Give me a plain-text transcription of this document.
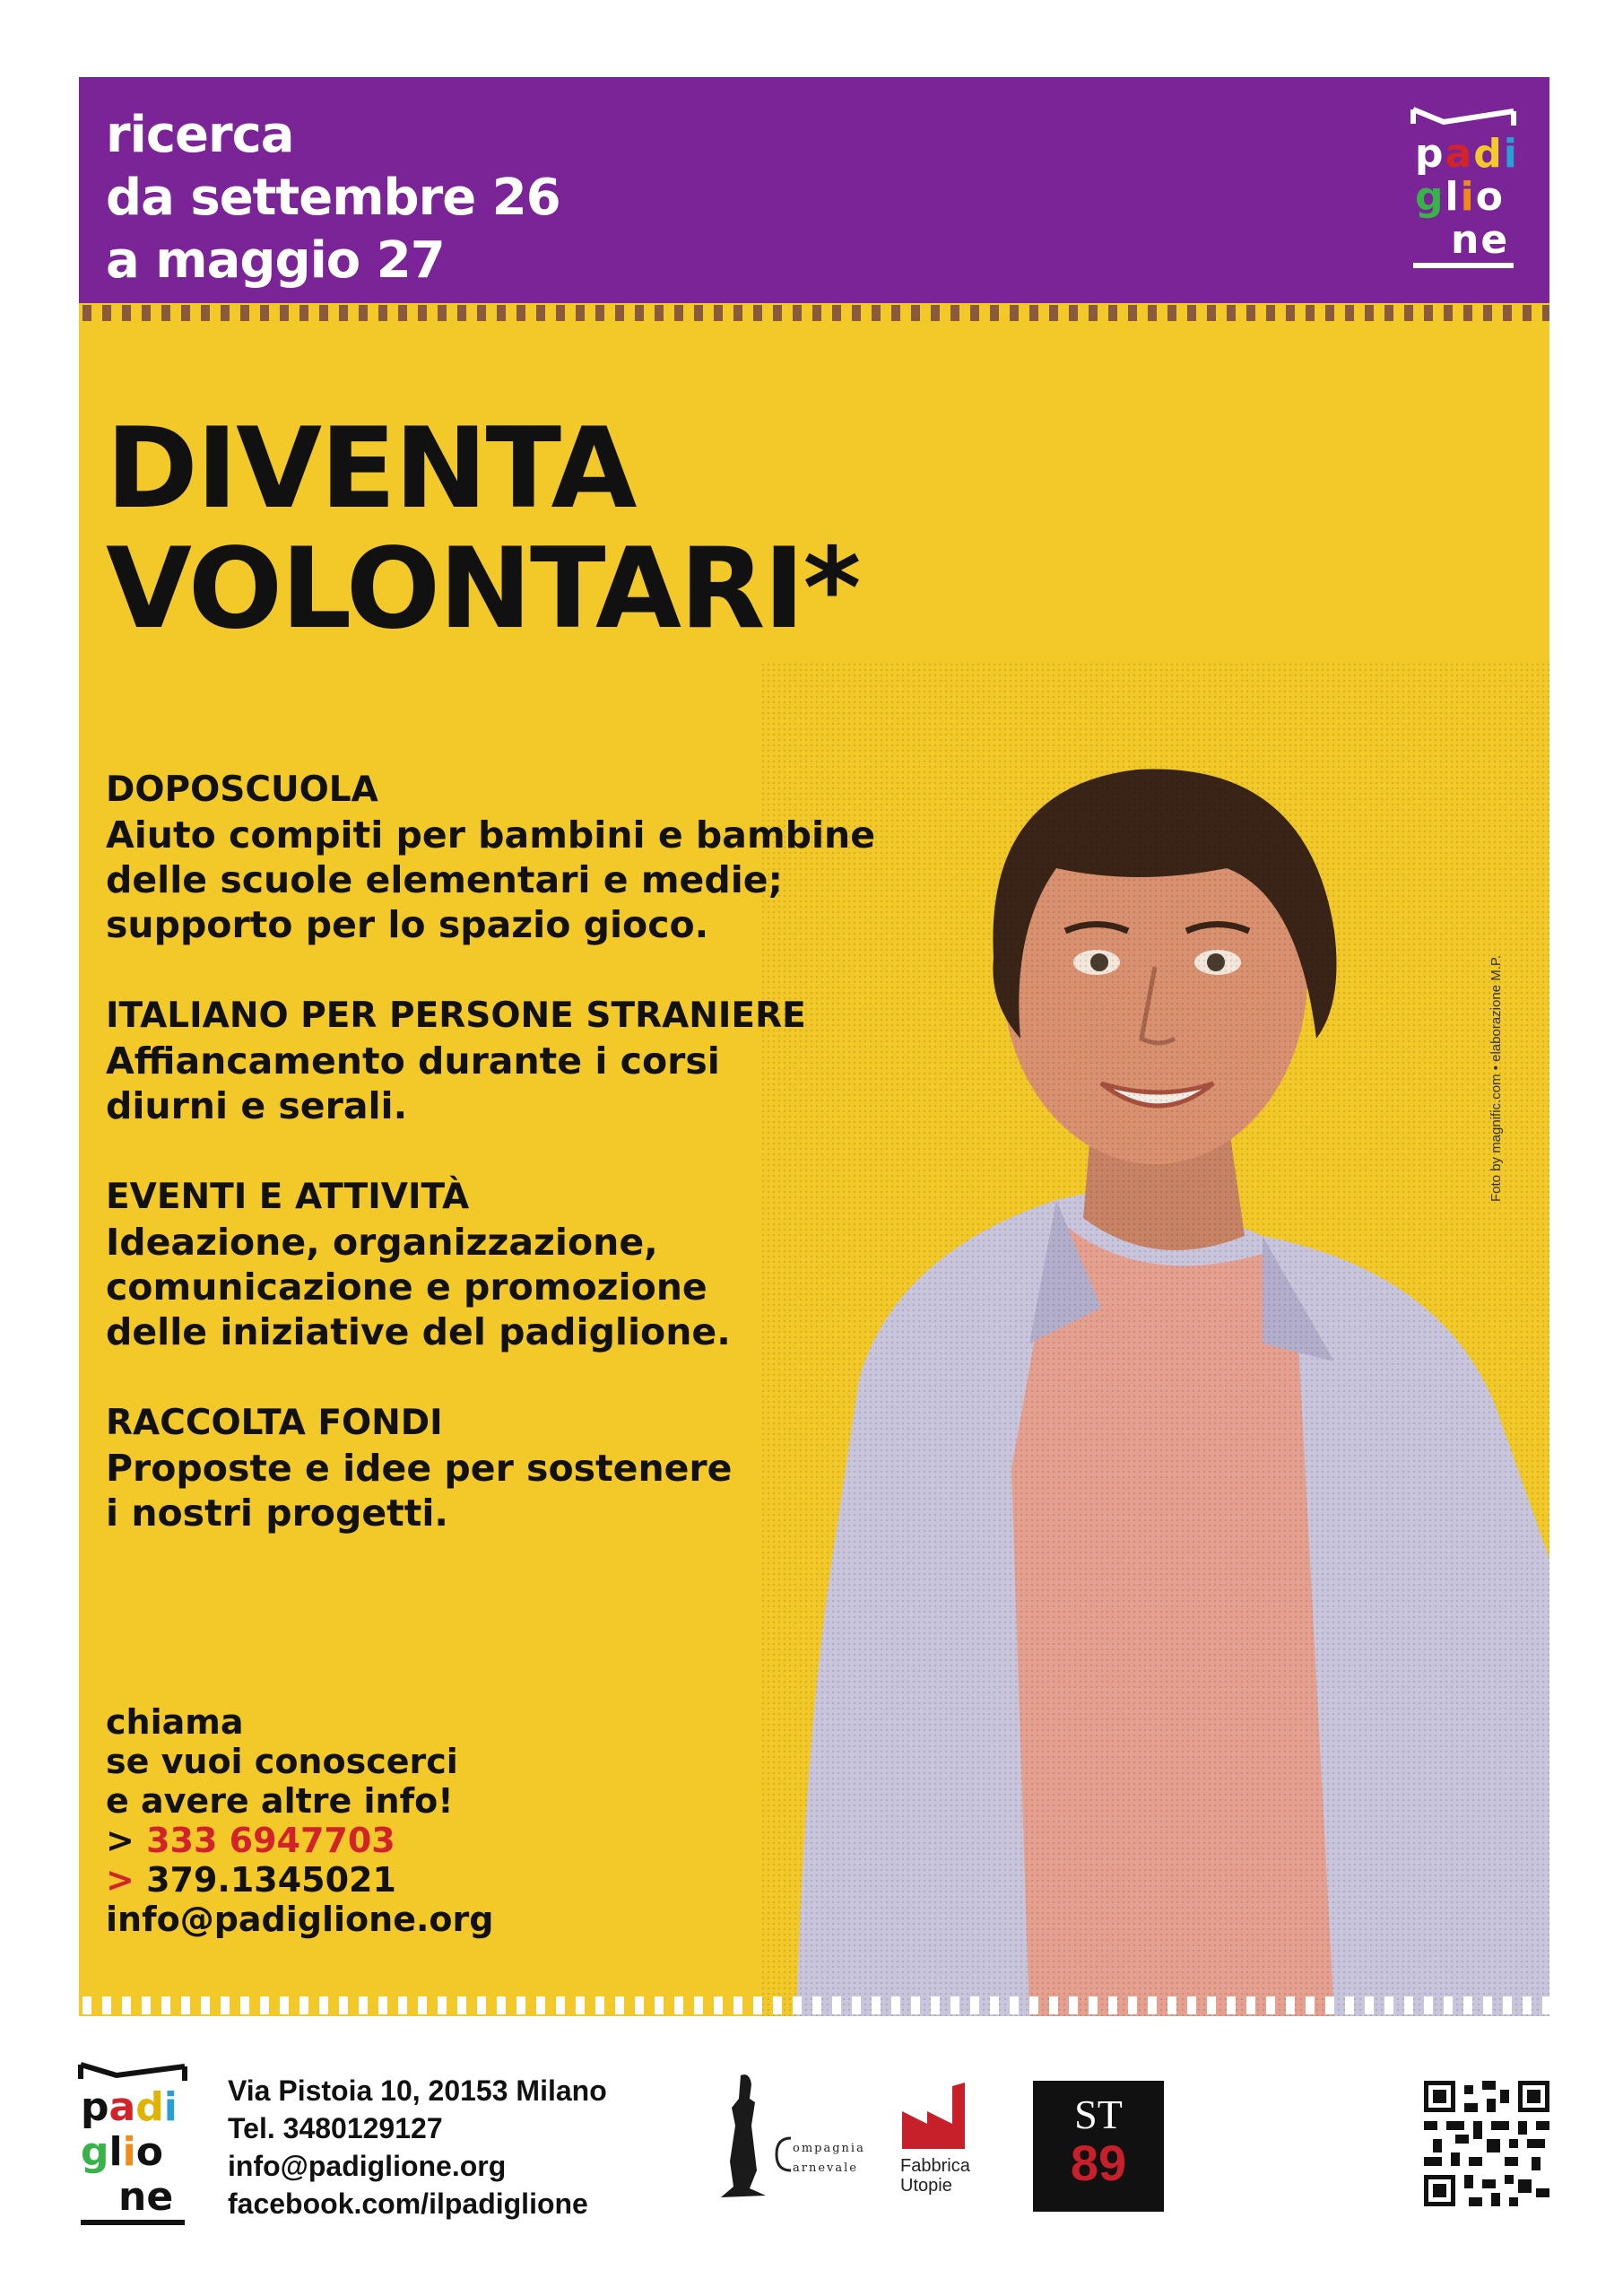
ricerca
da settembre 26
a maggio 27
padi
glio
ne
DIVENTA
VOLONTARI*
DOPOSCUOLA
Aiuto compiti per bambini e bambine
delle scuole elementari e medie;
supporto per lo spazio gioco.
ITALIANO PER PERSONE STRANIERE
Affiancamento durante i corsi
diurni e serali.
EVENTI E ATTIVITÀ
Ideazione, organizzazione,
comunicazione e promozione
delle iniziative del padiglione.
RACCOLTA FONDI
Proposte e idee per sostenere
i nostri progetti.
chiama
se vuoi conoscerci
e avere altre info!
> 333 6947703
> 379.1345021
info@padiglione.org
Foto by magnific.com • elaborazione M.P.
padi
glio
ne
Via Pistoia 10, 20153 Milano
Tel. 3480129127
info@padiglione.org
facebook.com/ilpadiglione
ompagnia
arnevale Fabbrica
Utopie
ST
89
